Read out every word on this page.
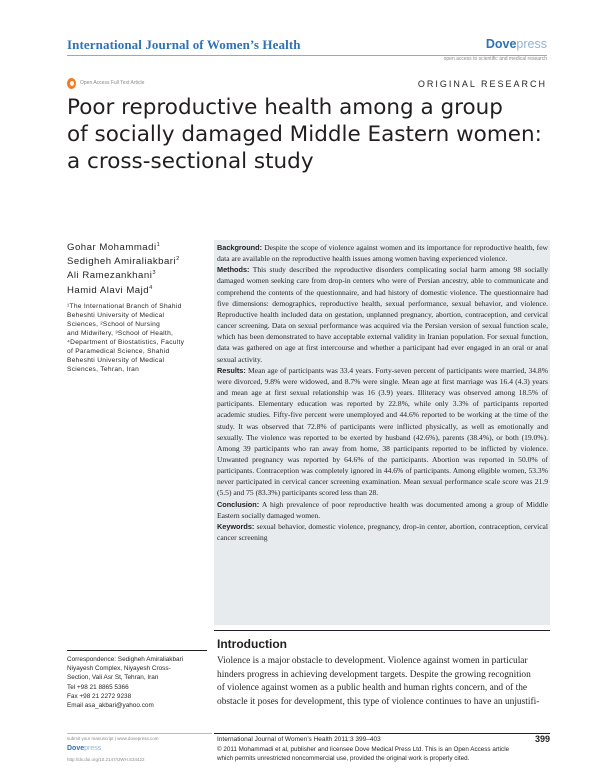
International Journal of Women’s Health	Dovepress
open access to scientific and medical research
Open Access Full Text Article	ORIGINAL RESEARCH
Poor reproductive health among a group
of socially damaged Middle Eastern women:
a cross-sectional study
Gohar Mohammadi$^1$
Sedigheh Amiraliakbari$^2$
Ali Ramezankhani$^3$
Hamid Alavi Majd$^4$
¹The International Branch of Shahid
Beheshti University of Medical
Sciences, ²School of Nursing
and Midwifery, ³School of Health,
⁴Department of Biostatistics, Faculty
of Paramedical Science, Shahid
Beheshti University of Medical
Sciences, Tehran, Iran

Background: Despite the scope of violence against women and its importance for reproductive health, few data are available on the reproductive health issues among women having experienced violence.

Methods: This study described the reproductive disorders complicating social harm among 98 socially damaged women seeking care from drop-in centers who were of Persian ancestry, able to communicate and comprehend the contents of the questionnaire, and had history of domestic violence. The questionnaire had five dimensions: demographics, reproductive health, sexual performance, sexual behavior, and violence. Reproductive health included data on gestation, unplanned pregnancy, abortion, contraception, and cervical cancer screening. Data on sexual performance was acquired via the Persian version of sexual function scale, which has been demonstrated to have acceptable external validity in Iranian population. For sexual function, data was gathered on age at first intercourse and whether a participant had ever engaged in an oral or anal sexual activity.

Results: Mean age of participants was 33.4 years. Forty-seven percent of participants were married, 34.8% were divorced, 9.8% were widowed, and 8.7% were single. Mean age at first marriage was 16.4 (4.3) years and mean age at first sexual relationship was 16 (3.9) years. Illiteracy was observed among 18.5% of participants. Elementary education was reported by 22.8%, while only 3.3% of participants reported academic studies. Fifty-five percent were unemployed and 44.6% reported to be working at the time of the study. It was observed that 72.8% of participants were inflicted physically, as well as emotionally and sexually. The violence was reported to be exerted by husband (42.6%), parents (38.4%), or both (19.0%). Among 39 participants who ran away from home, 38 participants reported to be inflicted by violence. Unwanted pregnancy was reported by 64.6% of the participants. Abortion was reported in 50.0% of participants. Contraception was completely ignored in 44.6% of participants. Among eligible women, 53.3% never participated in cervical cancer screening examination. Mean sexual performance scale score was 21.9 (5.5) and 75 (83.3%) participants scored less than 28.

Conclusion: A high prevalence of poor reproductive health was documented among a group of Middle Eastern socially damaged women.

Keywords: sexual behavior, domestic violence, pregnancy, drop-in center, abortion, contraception, cervical cancer screening

Correspondence: Sedigheh Amiraliakbari
Niyayesh Complex, Niyayesh Cross-
Section, Vali Asr St, Tehran, Iran
Tel +98 21 8865 5366
Fax +98 21 2272 9238
Email asa_akbari@yahoo.com
Introduction
Violence is a major obstacle to development. Violence against women in particular
hinders progress in achieving development targets. Despite the growing recognition
of violence against women as a public health and human rights concern, and of the
obstacle it poses for development, this type of violence continues to have an unjustifi-
submit your manuscript | www.dovepress.com
Dovepress
http://dx.doi.org/10.2147/IJWH.S34422
International Journal of Women’s Health 2011:3 399–403	399
© 2011 Mohammadi et al, publisher and licensee Dove Medical Press Ltd. This is an Open Access article
which permits unrestricted noncommercial use, provided the original work is properly cited.
